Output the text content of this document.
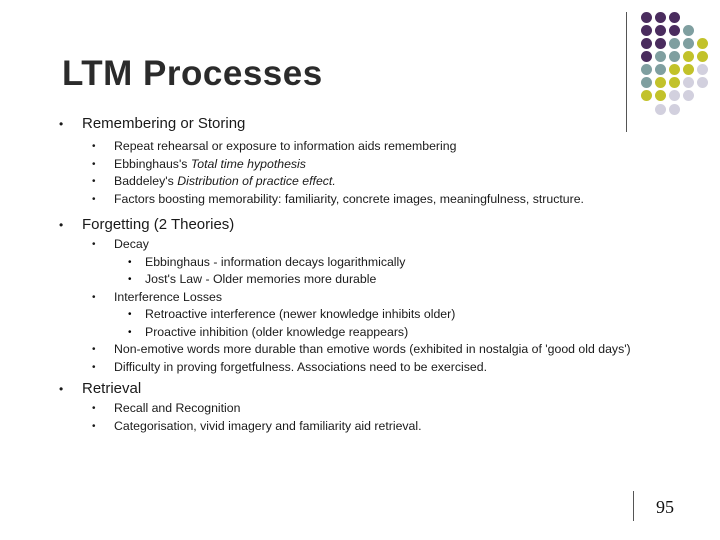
LTM Processes
• Remembering or Storing
• Repeat rehearsal or exposure to information aids remembering
• Ebbinghaus's Total time hypothesis
• Baddeley's Distribution of practice effect.
• Factors boosting memorability: familiarity, concrete images, meaningfulness, structure.
• Forgetting (2 Theories)
• Decay
• Ebbinghaus - information decays logarithmically
• Jost's Law - Older memories more durable
• Interference Losses
• Retroactive interference (newer knowledge inhibits older)
• Proactive inhibition (older knowledge reappears)
• Non-emotive words more durable than emotive words (exhibited in nostalgia of 'good old days')
• Difficulty in proving forgetfulness. Associations need to be exercised.
• Retrieval
• Recall and Recognition
• Categorisation, vivid imagery and familiarity aid retrieval.
95
